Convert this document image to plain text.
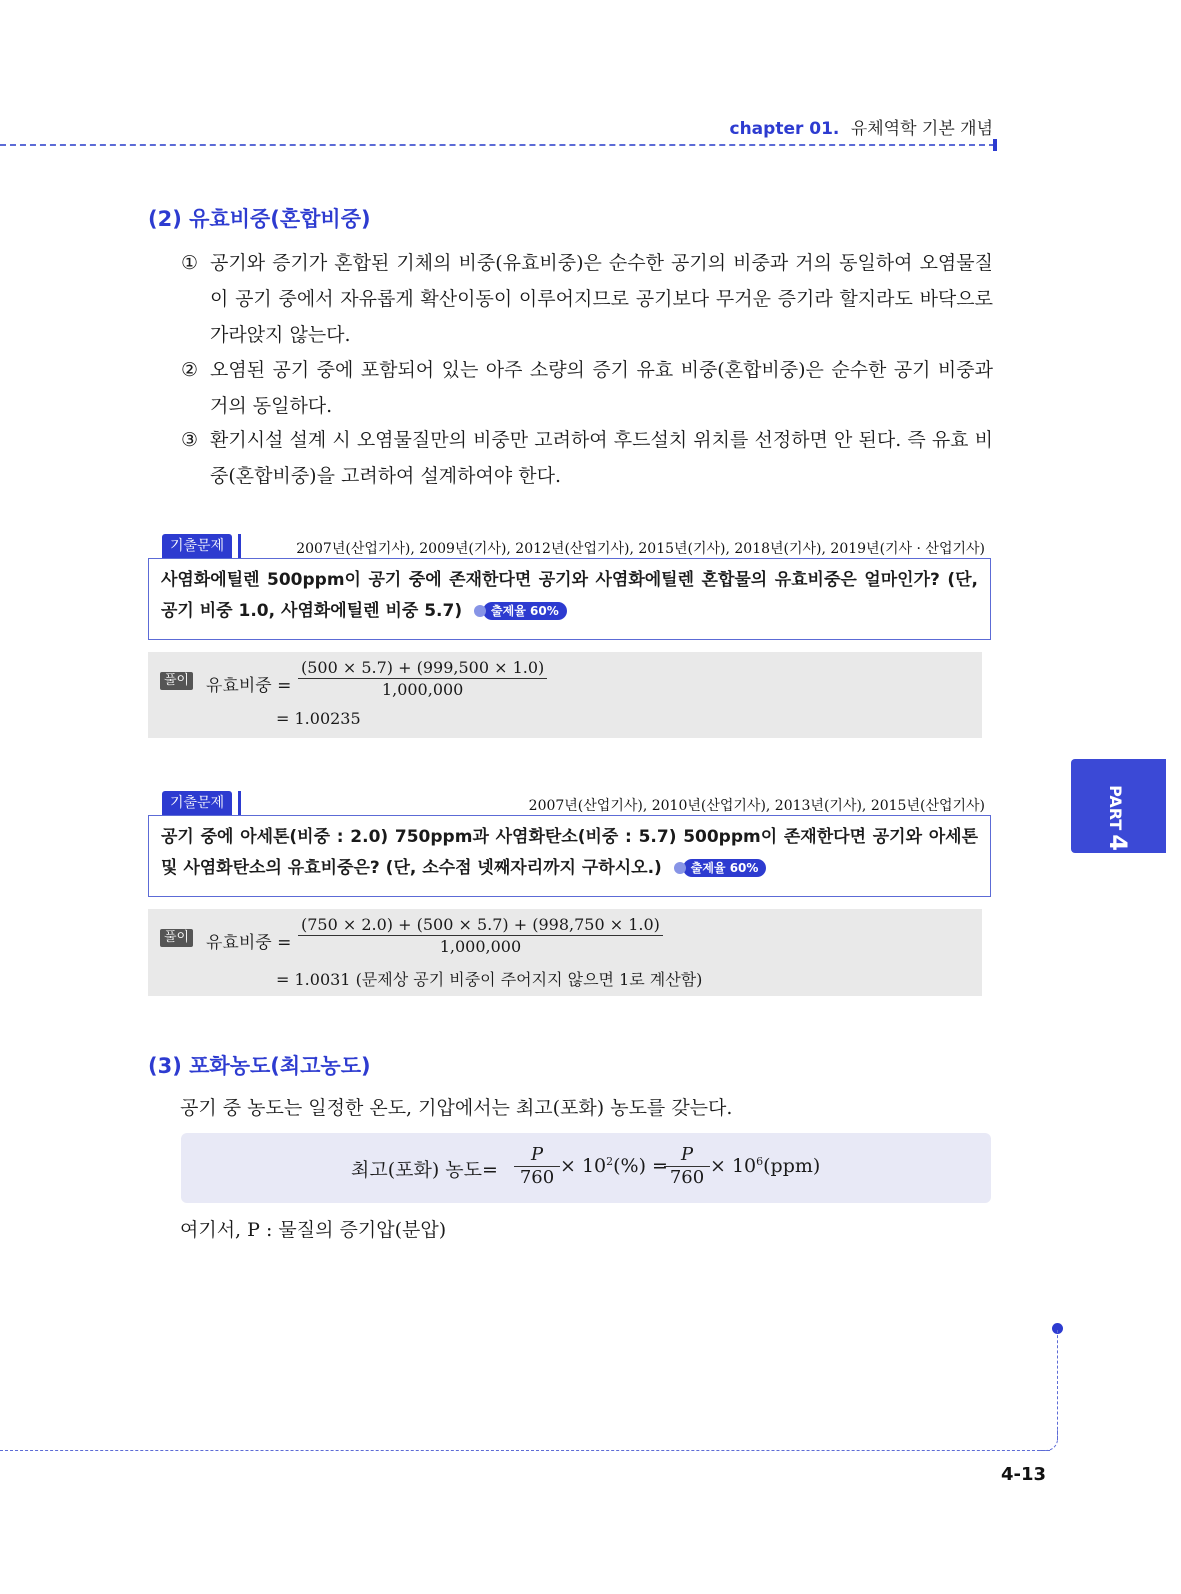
chapter 01. 유체역학 기본 개념
(2) 유효비중(혼합비중)
① 공기와 증기가 혼합된 기체의 비중(유효비중)은 순수한 공기의 비중과 거의 동일하여 오염물질이 공기 중에서 자유롭게 확산이동이 이루어지므로 공기보다 무거운 증기라 할지라도 바닥으로 가라앉지 않는다.
② 오염된 공기 중에 포함되어 있는 아주 소량의 증기 유효 비중(혼합비중)은 순수한 공기 비중과 거의 동일하다.
③ 환기시설 설계 시 오염물질만의 비중만 고려하여 후드설치 위치를 선정하면 안 된다. 즉 유효 비중(혼합비중)을 고려하여 설계하여야 한다.
기출문제	2007년(산업기사), 2009년(기사), 2012년(산업기사), 2015년(기사), 2018년(기사), 2019년(기사 · 산업기사)
사염화에틸렌 500ppm이 공기 중에 존재한다면 공기와 사염화에틸렌 혼합물의 유효비중은 얼마인가? (단, 공기 비중 1.0, 사염화에틸렌 비중 5.7)	출제율 60%
풀이 유효비중 = $\frac{(500 \times 5.7) + (999,500 \times 1.0)}{1,000,000}$
= 1.00235
기출문제	2007년(산업기사), 2010년(산업기사), 2013년(기사), 2015년(산업기사)
공기 중에 아세톤(비중 : 2.0) 750ppm과 사염화탄소(비중 : 5.7) 500ppm이 존재한다면 공기와 아세톤 및 사염화탄소의 유효비중은? (단, 소수점 넷째자리까지 구하시오.)	출제율 60%
풀이 유효비중 = $\frac{(750 \times 2.0) + (500 \times 5.7) + (998,750 \times 1.0)}{1,000,000}$
= 1.0031 (문제상 공기 비중이 주어지지 않으면 1로 계산함)
(3) 포화농도(최고농도)
공기 중 농도는 일정한 온도, 기압에서는 최고(포화) 농도를 갖는다.
최고(포화) 농도= $\frac{P}{760} \times 10^2(\%)$ =
$\frac{P}{760} \times 10^6(ppm)$
여기서, P : 물질의 증기압(분압)
PART4
4-13
